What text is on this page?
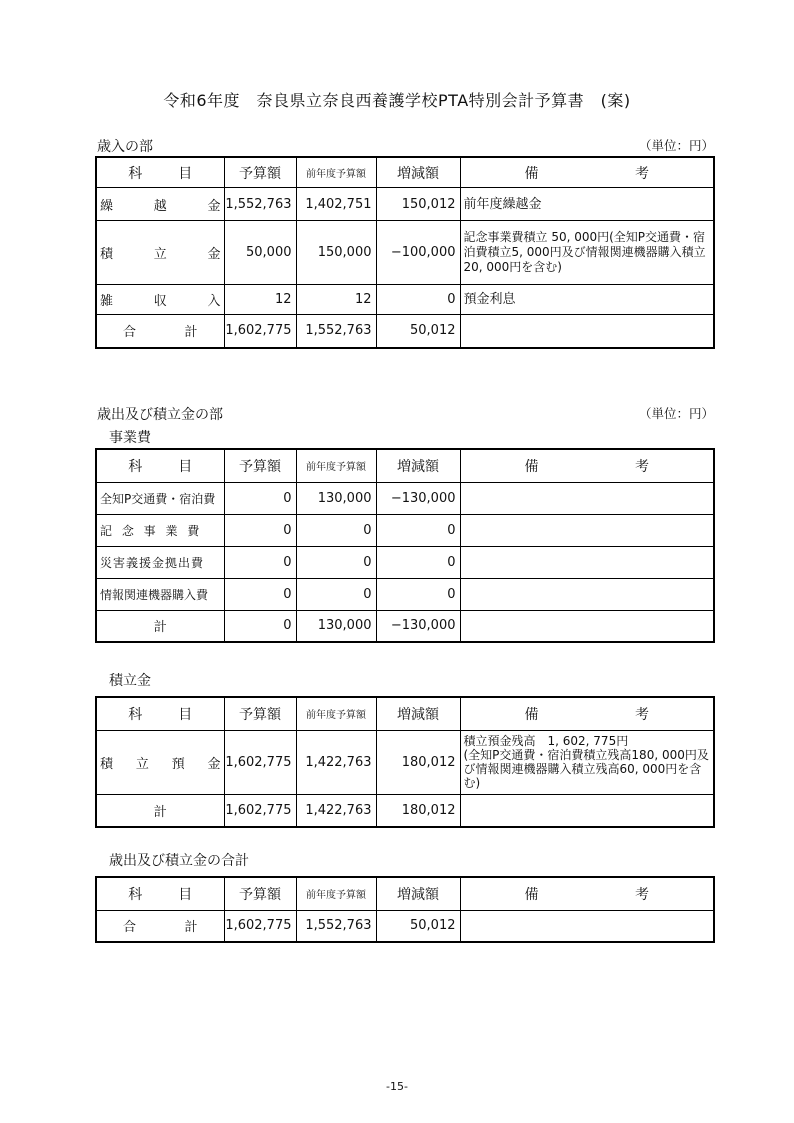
令和6年度　奈良県立奈良西養護学校PTA特別会計予算書　(案)
歳入の部	（単位：円）
科 目	予算額	前年度予算額	増減額	備 考

繰 越 金	1,552,763	1,402,751	150,012	前年度繰越金

積 立 金	50,000	150,000	−100,000	記念事業費積立 50, 000円(全知P交通費・宿泊費積立5, 000円及び情報関連機器購入積立20, 000円を含む)

雑 収 入	12	12	0	預金利息

合 計	1,602,775	1,552,763	50,012	
歳出及び積立金の部	（単位：円）
事業費
科 目	予算額	前年度予算額	増減額	備 考

全知P交通費・宿泊費	0	130,000	−130,000	
記 念 事 業 費	0	0	0	
災害義援金拠出費	0	0	0	
情報関連機器購入費	0	0	0	
計	0	130,000	−130,000	
積立金
科 目	予算額	前年度予算額	増減額	備 考

積 立 預 金	1,602,775	1,422,763	180,012	積立預金残高　1, 602, 775円
(全知P交通費・宿泊費積立残高180, 000円及び情報関連機器購入積立残高60, 000円を含む)
計	1,602,775	1,422,763	180,012	
歳出及び積立金の合計
科 目	予算額	前年度予算額	増減額	備 考

合 計	1,602,775	1,552,763	50,012	
-15-
